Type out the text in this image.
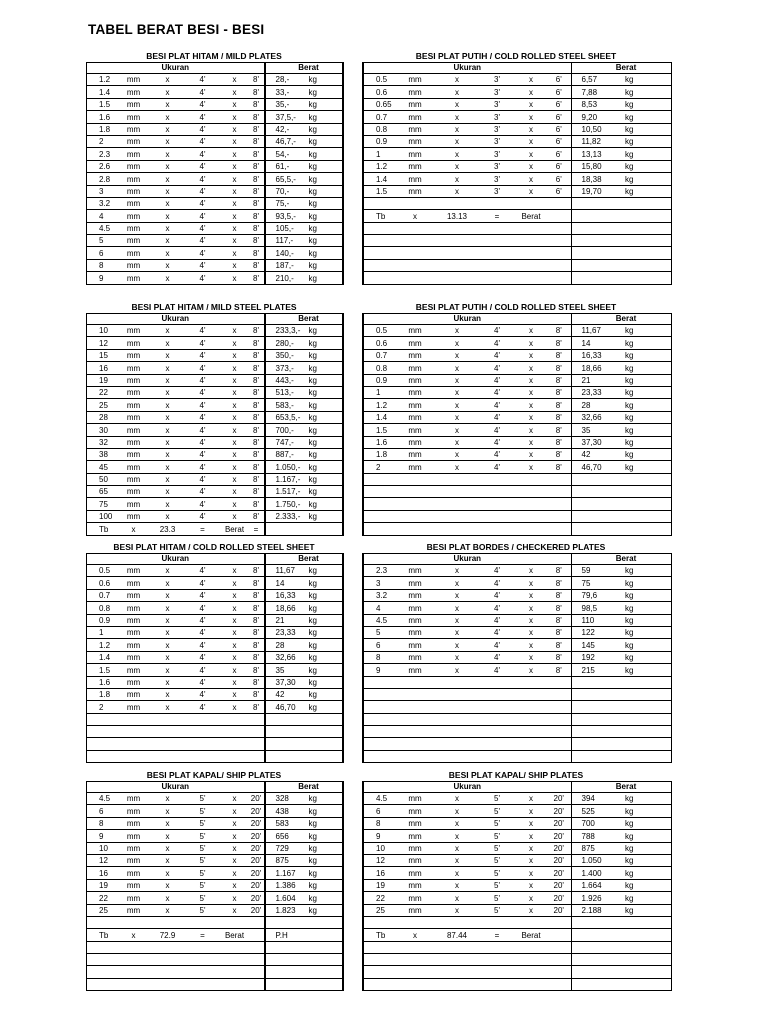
TABEL BERAT BESI - BESI
BESI PLAT HITAM / MILD PLATES
Ukuran						Berat	
1.2	mm	x	4'	x	8'	28,-	kg
1.4	mm	x	4'	x	8'	33,-	kg
1.5	mm	x	4'	x	8'	35,-	kg
1.6	mm	x	4'	x	8'	37,5,-	kg
1.8	mm	x	4'	x	8'	42,-	kg
2	mm	x	4'	x	8'	46,7,-	kg
2.3	mm	x	4'	x	8'	54,-	kg
2.6	mm	x	4'	x	8'	61,-	kg
2.8	mm	x	4'	x	8'	65,5,-	kg
3	mm	x	4'	x	8'	70,-	kg
3.2	mm	x	4'	x	8'	75,-	kg
4	mm	x	4'	x	8'	93,5,-	kg
4.5	mm	x	4'	x	8'	105,-	kg
5	mm	x	4'	x	8'	117,-	kg
6	mm	x	4'	x	8'	140,-	kg
8	mm	x	4'	x	8'	187,-	kg
9	mm	x	4'	x	8'	210,-	kg
BESI PLAT PUTIH / COLD ROLLED STEEL SHEET
Ukuran						Berat	
0.5	mm	x	3'	x	6'	6,57	kg
0.6	mm	x	3'	x	6'	7,88	kg
0.65	mm	x	3'	x	6'	8,53	kg
0.7	mm	x	3'	x	6'	9,20	kg
0.8	mm	x	3'	x	6'	10,50	kg
0.9	mm	x	3'	x	6'	11,82	kg
1	mm	x	3'	x	6'	13,13	kg
1.2	mm	x	3'	x	6'	15,80	kg
1.4	mm	x	3'	x	6'	18,38	kg
1.5	mm	x	3'	x	6'	19,70	kg

Tb	x	13.13	=	Berat			

BESI PLAT HITAM / MILD STEEL PLATES
Ukuran						Berat	
10	mm	x	4'	x	8'	233,3,-	kg
12	mm	x	4'	x	8'	280,-	kg
15	mm	x	4'	x	8'	350,-	kg
16	mm	x	4'	x	8'	373,-	kg
19	mm	x	4'	x	8'	443,-	kg
22	mm	x	4'	x	8'	513,-	kg
25	mm	x	4'	x	8'	583,-	kg
28	mm	x	4'	x	8'	653,5,-	kg
30	mm	x	4'	x	8'	700,-	kg
32	mm	x	4'	x	8'	747,-	kg
38	mm	x	4'	x	8'	887,-	kg
45	mm	x	4'	x	8'	1.050,-	kg
50	mm	x	4'	x	8'	1.167,-	kg
65	mm	x	4'	x	8'	1.517,-	kg
75	mm	x	4'	x	8'	1.750,-	kg
100	mm	x	4'	x	8'	2.333,-	kg
Tb	x	23.3	=	Berat	=		
BESI PLAT PUTIH / COLD ROLLED STEEL SHEET
Ukuran						Berat	
0.5	mm	x	4'	x	8'	11,67	kg
0.6	mm	x	4'	x	8'	14	kg
0.7	mm	x	4'	x	8'	16,33	kg
0.8	mm	x	4'	x	8'	18,66	kg
0.9	mm	x	4'	x	8'	21	kg
1	mm	x	4'	x	8'	23,33	kg
1.2	mm	x	4'	x	8'	28	kg
1.4	mm	x	4'	x	8'	32,66	kg
1.5	mm	x	4'	x	8'	35	kg
1.6	mm	x	4'	x	8'	37,30	kg
1.8	mm	x	4'	x	8'	42	kg
2	mm	x	4'	x	8'	46,70	kg

BESI PLAT HITAM / COLD ROLLED STEEL SHEET
Ukuran						Berat	
0.5	mm	x	4'	x	8'	11,67	kg
0.6	mm	x	4'	x	8'	14	kg
0.7	mm	x	4'	x	8'	16,33	kg
0.8	mm	x	4'	x	8'	18,66	kg
0.9	mm	x	4'	x	8'	21	kg
1	mm	x	4'	x	8'	23,33	kg
1.2	mm	x	4'	x	8'	28	kg
1.4	mm	x	4'	x	8'	32,66	kg
1.5	mm	x	4'	x	8'	35	kg
1.6	mm	x	4'	x	8'	37,30	kg
1.8	mm	x	4'	x	8'	42	kg
2	mm	x	4'	x	8'	46,70	kg

BESI PLAT BORDES / CHECKERED PLATES
Ukuran						Berat	
2.3	mm	x	4'	x	8'	59	kg
3	mm	x	4'	x	8'	75	kg
3.2	mm	x	4'	x	8'	79,6	kg
4	mm	x	4'	x	8'	98,5	kg
4.5	mm	x	4'	x	8'	110	kg
5	mm	x	4'	x	8'	122	kg
6	mm	x	4'	x	8'	145	kg
8	mm	x	4'	x	8'	192	kg
9	mm	x	4'	x	8'	215	kg

BESI PLAT KAPAL/ SHIP PLATES
Ukuran						Berat	
4.5	mm	x	5'	x	20'	328	kg
6	mm	x	5'	x	20'	438	kg
8	mm	x	5'	x	20'	583	kg
9	mm	x	5'	x	20'	656	kg
10	mm	x	5'	x	20'	729	kg
12	mm	x	5'	x	20'	875	kg
16	mm	x	5'	x	20'	1.167	kg
19	mm	x	5'	x	20'	1.386	kg
22	mm	x	5'	x	20'	1.604	kg
25	mm	x	5'	x	20'	1.823	kg

Tb	x	72.9	=	Berat		P.H	

BESI PLAT KAPAL/ SHIP PLATES
Ukuran						Berat	
4.5	mm	x	5'	x	20'	394	kg
6	mm	x	5'	x	20'	525	kg
8	mm	x	5'	x	20'	700	kg
9	mm	x	5'	x	20'	788	kg
10	mm	x	5'	x	20'	875	kg
12	mm	x	5'	x	20'	1.050	kg
16	mm	x	5'	x	20'	1.400	kg
19	mm	x	5'	x	20'	1.664	kg
22	mm	x	5'	x	20'	1.926	kg
25	mm	x	5'	x	20'	2.188	kg

Tb	x	87.44	=	Berat			
